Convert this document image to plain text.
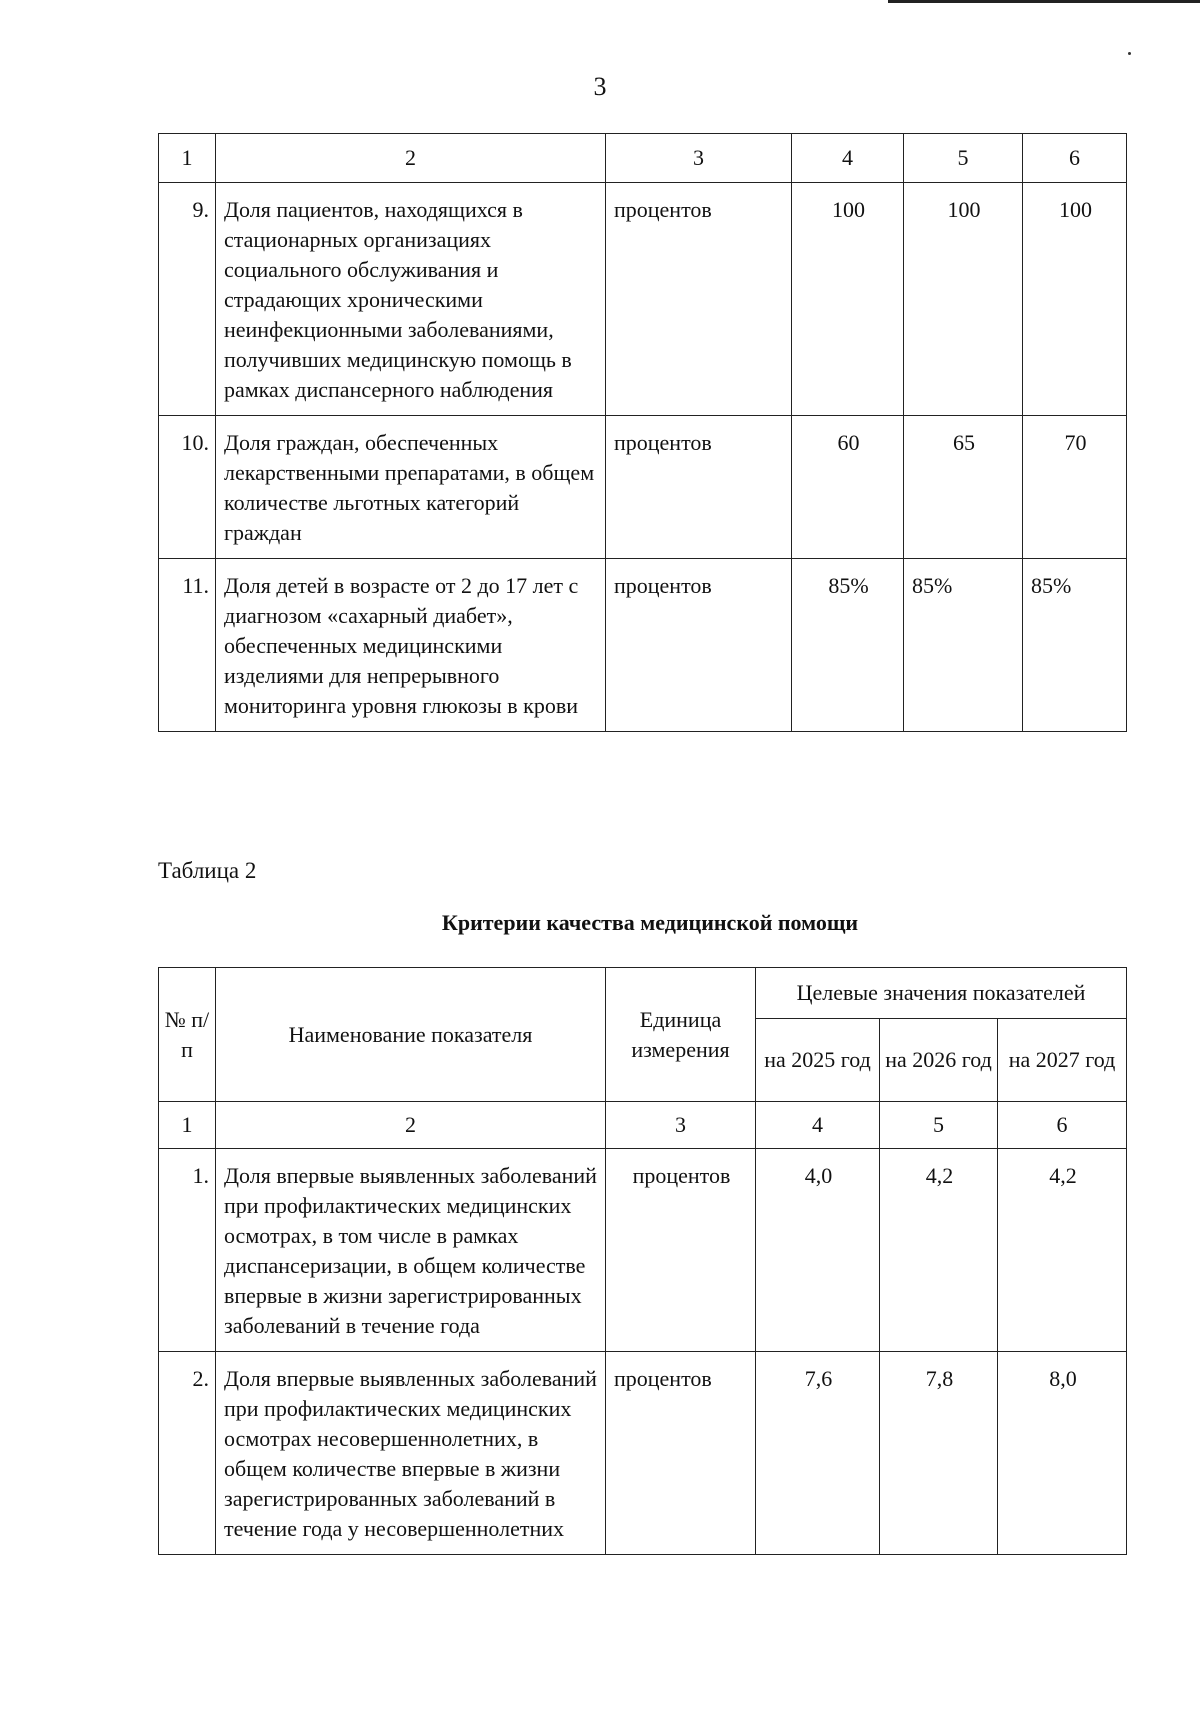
3
1	2	3	4	5	6
9.	Доля пациентов, находящихся в стационарных организациях социального обслуживания и страдающих хроническими неинфекционными заболеваниями, получивших медицинскую помощь в рамках диспансерного наблюдения	процентов	100	100	100
10.	Доля граждан, обеспеченных лекарственными препаратами, в общем количестве льготных категорий граждан	процентов	60	65	70
11.	Доля детей в возрасте от 2 до 17 лет с диагнозом «сахарный диабет», обеспеченных медицинскими изделиями для непрерывного мониторинга уровня глюкозы в крови	процентов	85%	85%	85%
Таблица 2
Критерии качества медицинской помощи
№ п/п	Наименование показателя	Единица измерения	Целевые значения показателей		
			на 2025 год	на 2026 год	на 2027 год
1	2	3	4	5	6
1.	Доля впервые выявленных заболеваний при профилактических медицинских осмотрах, в том числе в рамках диспансеризации, в общем количестве впервые в жизни зарегистрированных заболеваний в течение года	процентов	4,0	4,2	4,2
2.	Доля впервые выявленных заболеваний при профилактических медицинских осмотрах несовершеннолетних, в общем количестве впервые в жизни зарегистрированных заболеваний в течение года у несовершеннолетних	процентов	7,6	7,8	8,0
